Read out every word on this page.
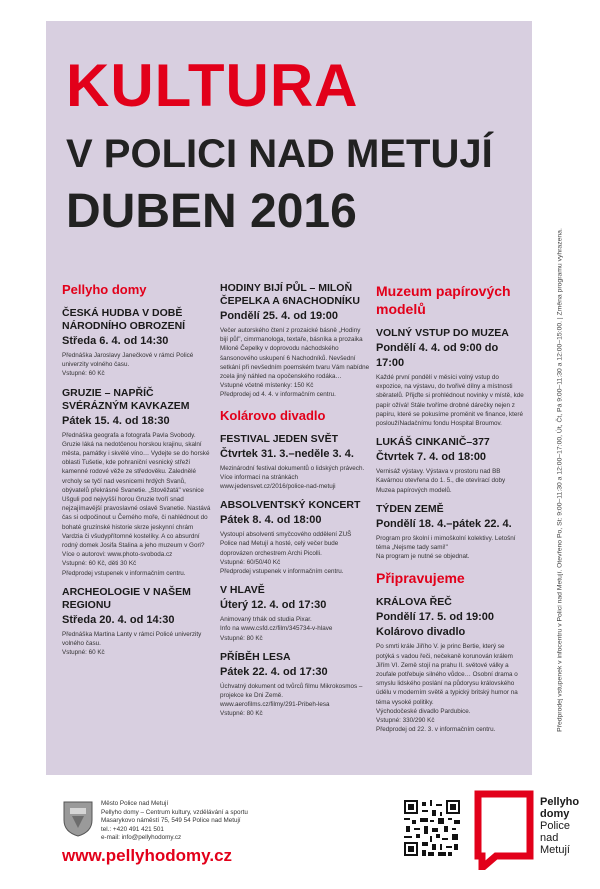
KULTURA
V POLICI NAD METUJÍ
DUBEN 2016
Pellyho domy
ČESKÁ HUDBA V DOBĚ NÁRODNÍHO OBROZENÍ
Středa 6. 4. od 14:30
Přednáška Jaroslavy Janečkové v rámci Policé univerzity volného času.
Vstupné: 60 Kč
GRUZIE – NAPŘÍČ SVÉRÁZNÝM KAVKAZEM
Pátek 15. 4. od 18:30
Přednáška geografa a fotografa Pavla Svobody. Gruzie láká na nedotčenou horskou krajinu, skalní města, památky i skvělé víno… Vydejte se do horské oblasti Tušetie, kde pohraniční vesnický střeží kamenné rodové věže ze středověku. Zalednělé vrcholy se tyčí nad vesnicemi hrdých Svanů, obývatelů překrásné Svanetie. „Stověžatá" vesnice Ušguli pod nejvyšší horou Gruzie tvoří snad nejzajímavější pravoslavné oslavě Svanetie. Nastává čas si odpočinout u Černého moře, či nahlédnout do bohaté gruzínské historie skrze jeskynní chrám Vardzia či všudypřítomné kostelíky. A co absurdní rodný domek Josifa Stalina a jeho muzeum v Gori?
Více o autorovi: www.photo-svoboda.cz
Vstupné: 60 Kč, děti 30 Kč
Předprodej vstupenek v informačním centru.
ARCHEOLOGIE V NAŠEM REGIONU
Středa 20. 4. od 14:30
Přednáška Martina Lanty v rámci Policé univerzity volného času.
Vstupné: 60 Kč
HODINY BIJÍ PŮL – MILOŇ ČEPELKA A 6NACHODNÍKU
Pondělí 25. 4. od 19:00
Večer autorského čtení z prozaické básně „Hodiny bijí půl", cimrmanologa, textaře, básníka a prozaika Miloně Čepelky v doprovodu náchodského šansonového uskupení 6 Nachodníků. Nevšední setkání při nevšedním poemském tvaru Vám nabídne zcela jiný náhled na opočenského rodáka…
Vstupné včetně místenky: 150 Kč
Předprodej od 4. 4. v informačním centru.
Kolárovo divadlo
FESTIVAL JEDEN SVĚT
Čtvrtek 31. 3.–neděle 3. 4.
Mezinárodní festival dokumentů o lidských právech. Více informací na stránkách
www.jedensvet.cz/2016/police-nad-metuji
ABSOLVENTSKÝ KONCERT
Pátek 8. 4. od 18:00
Vystoupí absolventi smyčcového oddělení ZUŠ Police nad Metují a hosté, celý večer bude doprovázen orchestrem Archi Picolli.
Vstupné: 60/50/40 Kč
Předprodej vstupenek v informačním centru.
V HLAVĚ
Úterý 12. 4. od 17:30
Animovaný trhák od studia Pixar.
Info na www.csfd.cz/film/345734-v-hlave
Vstupné: 80 Kč
PŘÍBĚH LESA
Pátek 22. 4. od 17:30
Úchvatný dokument od tvůrců filmu Mikrokosmos – projekce ke Dni Země.
www.aerofilms.cz/filmy/291-Pribeh-lesa
Vstupné: 80 Kč
Muzeum papírových modelů
VOLNÝ VSTUP DO MUZEA
Pondělí 4. 4. od 9:00 do 17:00
Každé první pondělí v měsíci volný vstup do expozice, na výstavu, do tvořivé dílny a místnosti sběratelů. Přijďte si prohlédnout novinky v místě, kde papír ožívá! Stále tvoříme drobné dárečky nejen z papíru, které se pokusíme proměnit ve finance, které posloužíNadačnímu fondu Hospital Broumov.
LUKÁŠ CINKANIČ–377
Čtvrtek 7. 4. od 18:00
Vernisáž výstavy. Výstava v prostoru nad BB Kavárnou otevřena do 1. 5., dle otevírací doby Muzea papírových modelů.
TÝDEN ZEMĚ
Pondělí 18. 4.–pátek 22. 4.
Program pro školní i mimoškolní kolektivy. Letošní téma „Nejsme tady sami!"
Na program je nutné se objednat.
Připravujeme
KRÁLOVA ŘEČ
Pondělí 17. 5. od 19:00
Kolárovo divadlo
Po smrti krále Jiřího V. je princ Bertie, který se potýká s vadou řeči, nečekaně korunován králem Jiřím VI. Země stojí na prahu II. světové války a zoufale potřebuje silného vůdce… Osobní drama o smyslu lidského poslání na půdorysu královského údělu v moderním světě a typický britský humor na téma vysoké politiky.
Východočeské divadlo Pardubice.
Vstupné: 330/290 Kč
Předprodej od 22. 3. v informačním centru.	Předprodej vstupenek v infocentru v Polici nad Metují. Otevřeno Po, St: 9:00–11:30 a 12:00–17:00, Út, Čt, Pá 9:00–11:30 a 12:00–15:00. | Změna programu vyhrazena.
Město Police nad Metují
Pellyho domy – Centrum kultury, vzdělávání a sportu
Masarykovo náměstí 75, 549 54 Police nad Metují
tel.: +420 491 421 501
e-mail: info@pellyhodomy.cz
www.pellyhodomy.cz
Pellyho
domy
Police
nad
Metují
